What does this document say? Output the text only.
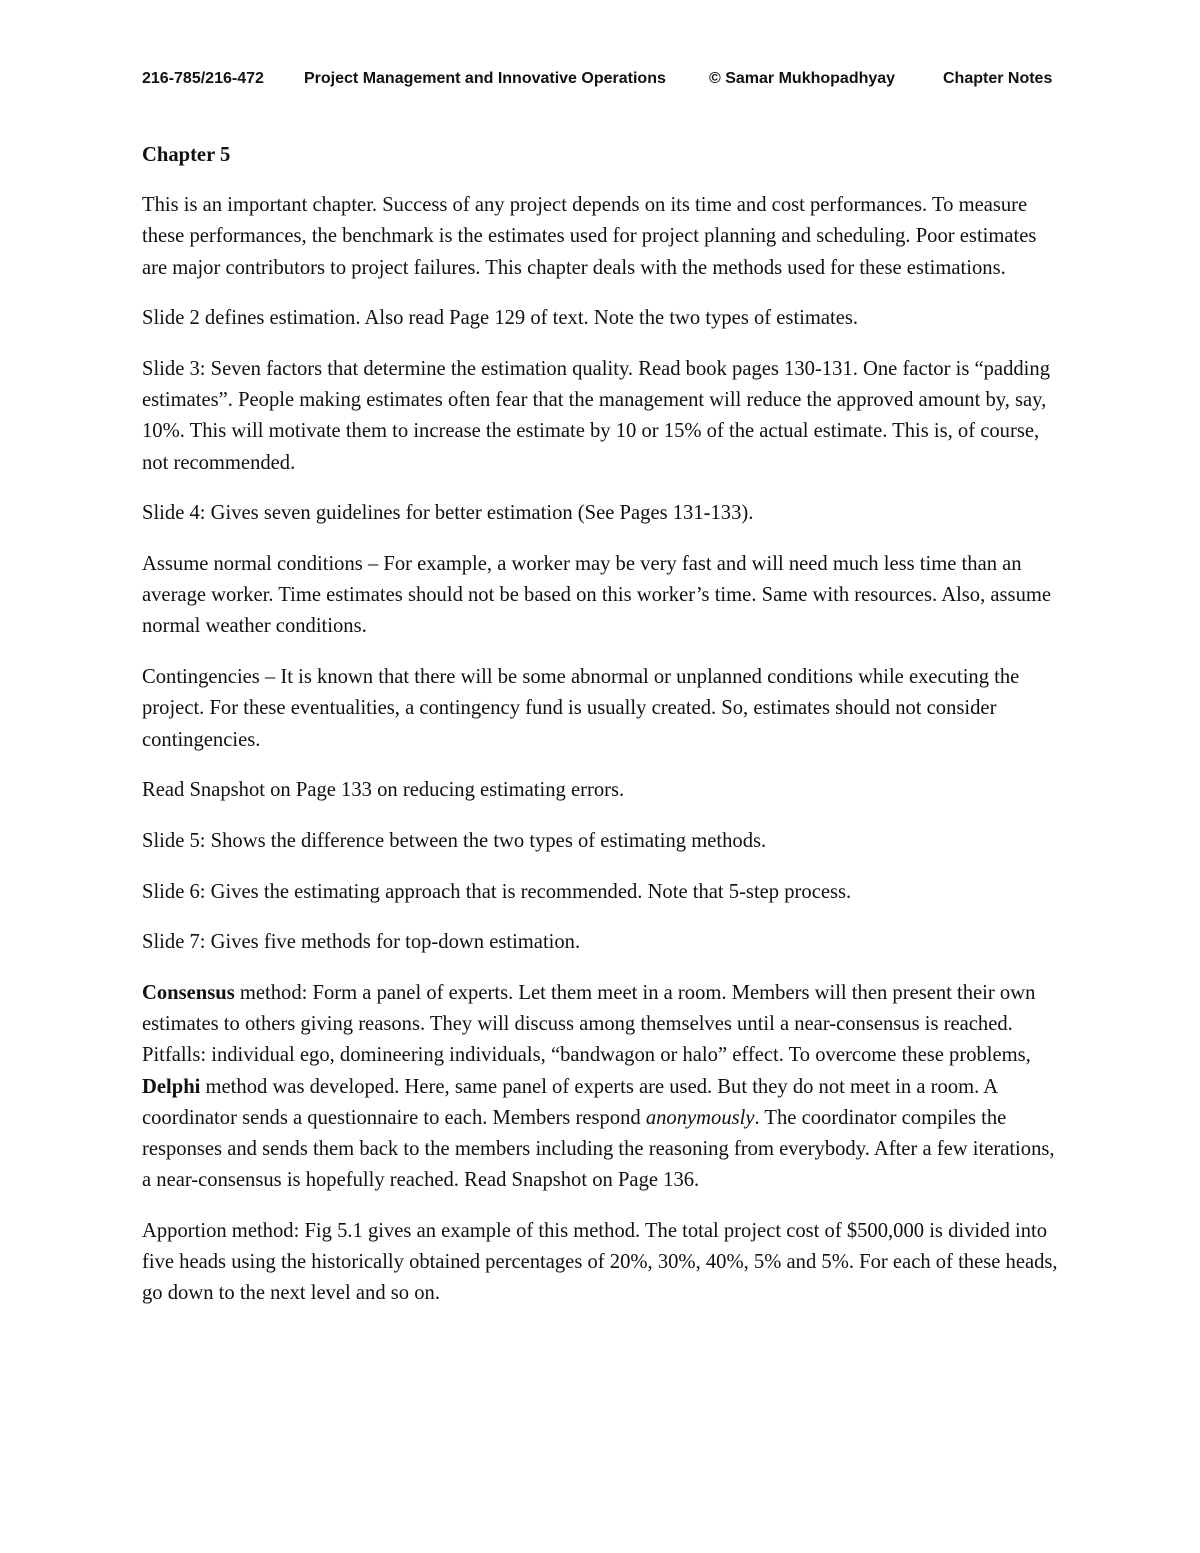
216-785/216-472	Project Management and Innovative Operations	© Samar Mukhopadhyay	Chapter Notes
Chapter 5

This is an important chapter. Success of any project depends on its time and cost performances. To measure these performances, the benchmark is the estimates used for project planning and scheduling. Poor estimates are major contributors to project failures. This chapter deals with the methods used for these estimations.

Slide 2 defines estimation. Also read Page 129 of text. Note the two types of estimates.

Slide 3: Seven factors that determine the estimation quality. Read book pages 130-131. One factor is “padding estimates”. People making estimates often fear that the management will reduce the approved amount by, say, 10%. This will motivate them to increase the estimate by 10 or 15% of the actual estimate. This is, of course, not recommended.

Slide 4: Gives seven guidelines for better estimation (See Pages 131-133).

Assume normal conditions – For example, a worker may be very fast and will need much less time than an average worker. Time estimates should not be based on this worker’s time. Same with resources. Also, assume normal weather conditions.

Contingencies – It is known that there will be some abnormal or unplanned conditions while executing the project. For these eventualities, a contingency fund is usually created. So, estimates should not consider contingencies.

Read Snapshot on Page 133 on reducing estimating errors.

Slide 5: Shows the difference between the two types of estimating methods.

Slide 6: Gives the estimating approach that is recommended. Note that 5-step process.

Slide 7: Gives five methods for top-down estimation.

Consensus method: Form a panel of experts. Let them meet in a room. Members will then present their own estimates to others giving reasons. They will discuss among themselves until a near-consensus is reached. Pitfalls: individual ego, domineering individuals, “bandwagon or halo” effect. To overcome these problems, Delphi method was developed. Here, same panel of experts are used. But they do not meet in a room. A coordinator sends a questionnaire to each. Members respond anonymously. The coordinator compiles the responses and sends them back to the members including the reasoning from everybody. After a few iterations, a near-consensus is hopefully reached. Read Snapshot on Page 136.

Apportion method: Fig 5.1 gives an example of this method. The total project cost of $500,000 is divided into five heads using the historically obtained percentages of 20%, 30%, 40%, 5% and 5%. For each of these heads, go down to the next level and so on.
